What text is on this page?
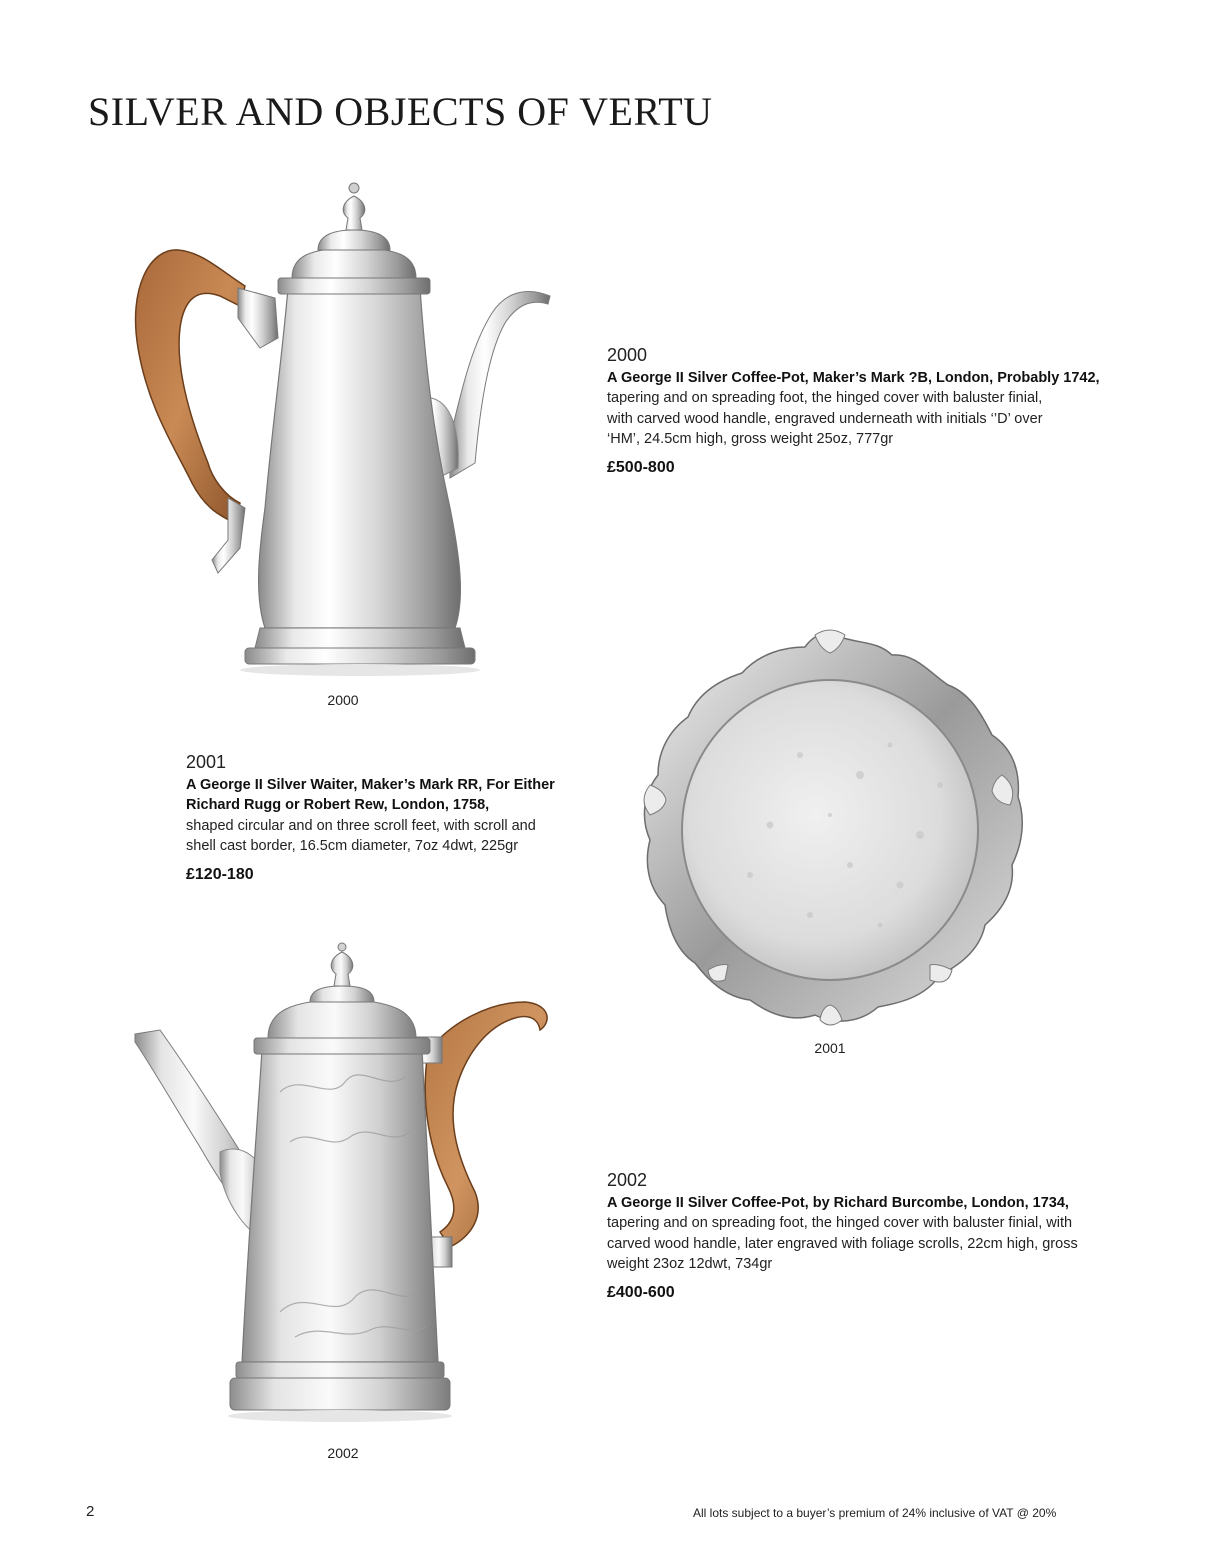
SILVER AND OBJECTS OF VERTU
2000
2000
A George II Silver Coffee-Pot, Maker’s Mark ?B, London, Probably 1742,
tapering and on spreading foot, the hinged cover with baluster finial, with carved wood handle, engraved underneath with initials ‘’D’ over ‘HM’, 24.5cm high, gross weight 25oz, 777gr
£500-800
2001
A George II Silver Waiter, Maker’s Mark RR, For Either Richard Rugg or Robert Rew, London, 1758,
shaped circular and on three scroll feet, with scroll and shell cast border, 16.5cm diameter, 7oz 4dwt, 225gr
£120-180
2001
2002
2002
A George II Silver Coffee-Pot, by Richard Burcombe, London, 1734,
tapering and on spreading foot, the hinged cover with baluster finial, with carved wood handle, later engraved with foliage scrolls, 22cm high, gross weight 23oz 12dwt, 734gr
£400-600
2	All lots subject to a buyer’s premium of 24% inclusive of VAT @ 20%
